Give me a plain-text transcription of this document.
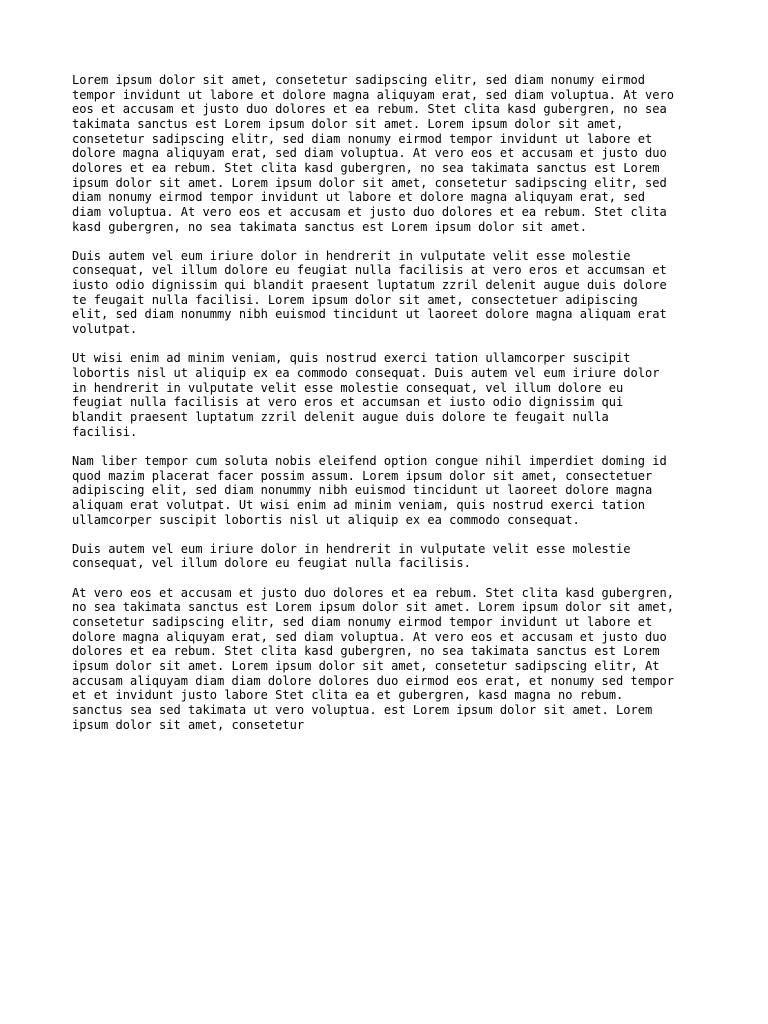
Lorem ipsum dolor sit amet, consetetur sadipscing elitr, sed diam nonumy eirmod
tempor invidunt ut labore et dolore magna aliquyam erat, sed diam voluptua. At vero
eos et accusam et justo duo dolores et ea rebum. Stet clita kasd gubergren, no sea
takimata sanctus est Lorem ipsum dolor sit amet. Lorem ipsum dolor sit amet,
consetetur sadipscing elitr, sed diam nonumy eirmod tempor invidunt ut labore et
dolore magna aliquyam erat, sed diam voluptua. At vero eos et accusam et justo duo
dolores et ea rebum. Stet clita kasd gubergren, no sea takimata sanctus est Lorem
ipsum dolor sit amet. Lorem ipsum dolor sit amet, consetetur sadipscing elitr, sed
diam nonumy eirmod tempor invidunt ut labore et dolore magna aliquyam erat, sed
diam voluptua. At vero eos et accusam et justo duo dolores et ea rebum. Stet clita
kasd gubergren, no sea takimata sanctus est Lorem ipsum dolor sit amet.

Duis autem vel eum iriure dolor in hendrerit in vulputate velit esse molestie
consequat, vel illum dolore eu feugiat nulla facilisis at vero eros et accumsan et
iusto odio dignissim qui blandit praesent luptatum zzril delenit augue duis dolore
te feugait nulla facilisi. Lorem ipsum dolor sit amet, consectetuer adipiscing
elit, sed diam nonummy nibh euismod tincidunt ut laoreet dolore magna aliquam erat
volutpat.

Ut wisi enim ad minim veniam, quis nostrud exerci tation ullamcorper suscipit
lobortis nisl ut aliquip ex ea commodo consequat. Duis autem vel eum iriure dolor
in hendrerit in vulputate velit esse molestie consequat, vel illum dolore eu
feugiat nulla facilisis at vero eros et accumsan et iusto odio dignissim qui
blandit praesent luptatum zzril delenit augue duis dolore te feugait nulla
facilisi.

Nam liber tempor cum soluta nobis eleifend option congue nihil imperdiet doming id
quod mazim placerat facer possim assum. Lorem ipsum dolor sit amet, consectetuer
adipiscing elit, sed diam nonummy nibh euismod tincidunt ut laoreet dolore magna
aliquam erat volutpat. Ut wisi enim ad minim veniam, quis nostrud exerci tation
ullamcorper suscipit lobortis nisl ut aliquip ex ea commodo consequat.

Duis autem vel eum iriure dolor in hendrerit in vulputate velit esse molestie
consequat, vel illum dolore eu feugiat nulla facilisis.

At vero eos et accusam et justo duo dolores et ea rebum. Stet clita kasd gubergren,
no sea takimata sanctus est Lorem ipsum dolor sit amet. Lorem ipsum dolor sit amet,
consetetur sadipscing elitr, sed diam nonumy eirmod tempor invidunt ut labore et
dolore magna aliquyam erat, sed diam voluptua. At vero eos et accusam et justo duo
dolores et ea rebum. Stet clita kasd gubergren, no sea takimata sanctus est Lorem
ipsum dolor sit amet. Lorem ipsum dolor sit amet, consetetur sadipscing elitr, At
accusam aliquyam diam diam dolore dolores duo eirmod eos erat, et nonumy sed tempor
et et invidunt justo labore Stet clita ea et gubergren, kasd magna no rebum.
sanctus sea sed takimata ut vero voluptua. est Lorem ipsum dolor sit amet. Lorem
ipsum dolor sit amet, consetetur
